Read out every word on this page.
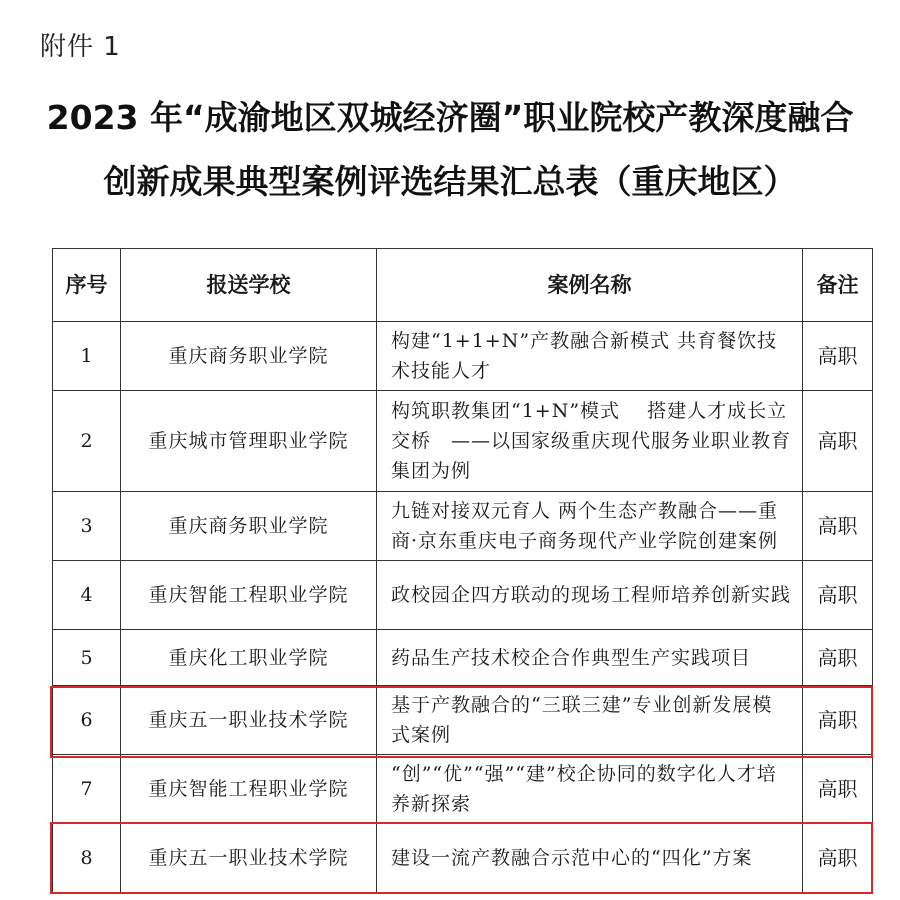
附件 1
2023 年“成渝地区双城经济圈”职业院校产教深度融合
创新成果典型案例评选结果汇总表（重庆地区）
序号	报送学校	案例名称	备注
1	重庆商务职业学院	构建“1+1+N”产教融合新模式 共育餐饮技术技能人才	高职
2	重庆城市管理职业学院	构筑职教集团“1+N”模式　 搭建人才成长立交桥　——以国家级重庆现代服务业职业教育集团为例	高职
3	重庆商务职业学院	九链对接双元育人 两个生态产教融合——重商·京东重庆电子商务现代产业学院创建案例	高职
4	重庆智能工程职业学院	政校园企四方联动的现场工程师培养创新实践	高职
5	重庆化工职业学院	药品生产技术校企合作典型生产实践项目	高职
6	重庆五一职业技术学院	基于产教融合的“三联三建”专业创新发展模式案例	高职
7	重庆智能工程职业学院	“创”“优”“强”“建”校企协同的数字化人才培养新探索	高职
8	重庆五一职业技术学院	建设一流产教融合示范中心的“四化”方案	高职
